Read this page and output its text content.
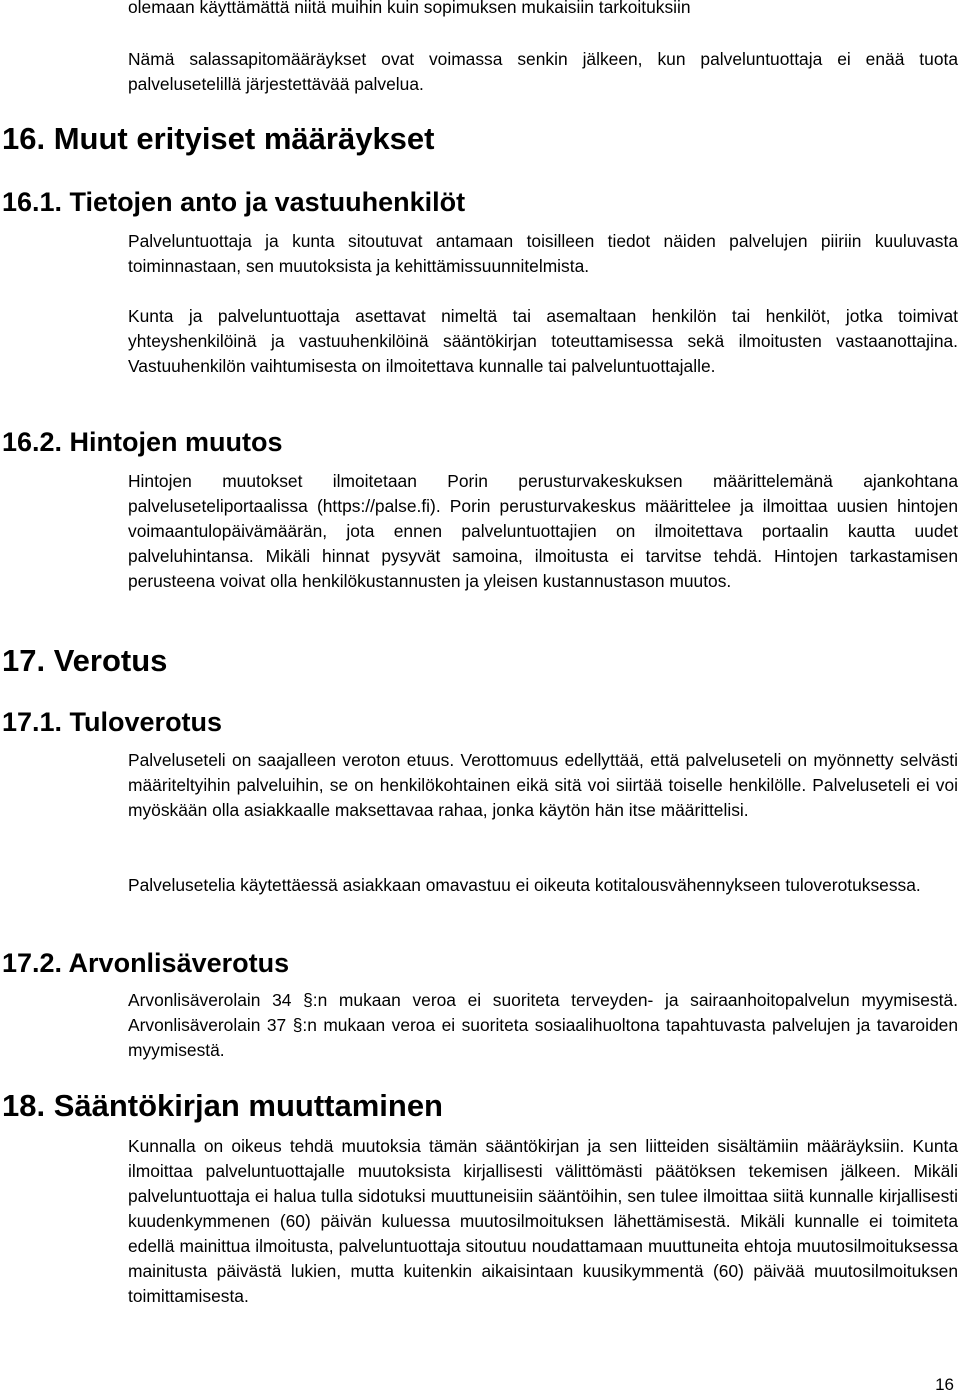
olemaan käyttämättä niitä muihin kuin sopimuksen mukaisiin tarkoituksiin

Nämä salassapitomääräykset ovat voimassa senkin jälkeen, kun palveluntuottaja ei enää tuota palvelusetelillä järjestettävää palvelua.

16. Muut erityiset määräykset
16.1. Tietojen anto ja vastuuhenkilöt

Palveluntuottaja ja kunta sitoutuvat antamaan toisilleen tiedot näiden palvelujen piiriin kuuluvasta toiminnastaan, sen muutoksista ja kehittämissuunnitelmista.

Kunta ja palveluntuottaja asettavat nimeltä tai asemaltaan henkilön tai henkilöt, jotka toimivat yhteyshenkilöinä ja vastuuhenkilöinä sääntökirjan toteuttamisessa sekä ilmoitusten vastaanottajina. Vastuuhenkilön vaihtumisesta on ilmoitettava kunnalle tai palveluntuottajalle.

16.2. Hintojen muutos

Hintojen muutokset ilmoitetaan Porin perusturvakeskuksen määrittelemänä ajankohtana palveluseteliportaalissa (https://palse.fi). Porin perusturvakeskus määrittelee ja ilmoittaa uusien hintojen voimaantulopäivämäärän, jota ennen palveluntuottajien on ilmoitettava portaalin kautta uudet palveluhintansa. Mikäli hinnat pysyvät samoina, ilmoitusta ei tarvitse tehdä. Hintojen tarkastamisen perusteena voivat olla henkilökustannusten ja yleisen kustannustason muutos.

17. Verotus
17.1. Tuloverotus

Palveluseteli on saajalleen veroton etuus. Verottomuus edellyttää, että palveluseteli on myönnetty selvästi määriteltyihin palveluihin, se on henkilökohtainen eikä sitä voi siirtää toiselle henkilölle. Palveluseteli ei voi myöskään olla asiakkaalle maksettavaa rahaa, jonka käytön hän itse määrittelisi.

Palvelusetelia käytettäessä asiakkaan omavastuu ei oikeuta kotitalousvähennykseen tuloverotuksessa.

17.2. Arvonlisäverotus

Arvonlisäverolain 34 §:n mukaan veroa ei suoriteta terveyden- ja sairaanhoitopalvelun myymisestä. Arvonlisäverolain 37 §:n mukaan veroa ei suoriteta sosiaalihuoltona tapahtuvasta palvelujen ja tavaroiden myymisestä.

18. Sääntökirjan muuttaminen

Kunnalla on oikeus tehdä muutoksia tämän sääntökirjan ja sen liitteiden sisältämiin määräyksiin. Kunta ilmoittaa palveluntuottajalle muutoksista kirjallisesti välittömästi päätöksen tekemisen jälkeen. Mikäli palveluntuottaja ei halua tulla sidotuksi muuttuneisiin sääntöihin, sen tulee ilmoittaa siitä kunnalle kirjallisesti kuudenkymmenen (60) päivän kuluessa muutosilmoituksen lähettämisestä. Mikäli kunnalle ei toimiteta edellä mainittua ilmoitusta, palveluntuottaja sitoutuu noudattamaan muuttuneita ehtoja muutosilmoituksessa mainitusta päivästä lukien, mutta kuitenkin aikaisintaan kuusikymmentä (60) päivää muutosilmoituksen toimittamisesta.

16
